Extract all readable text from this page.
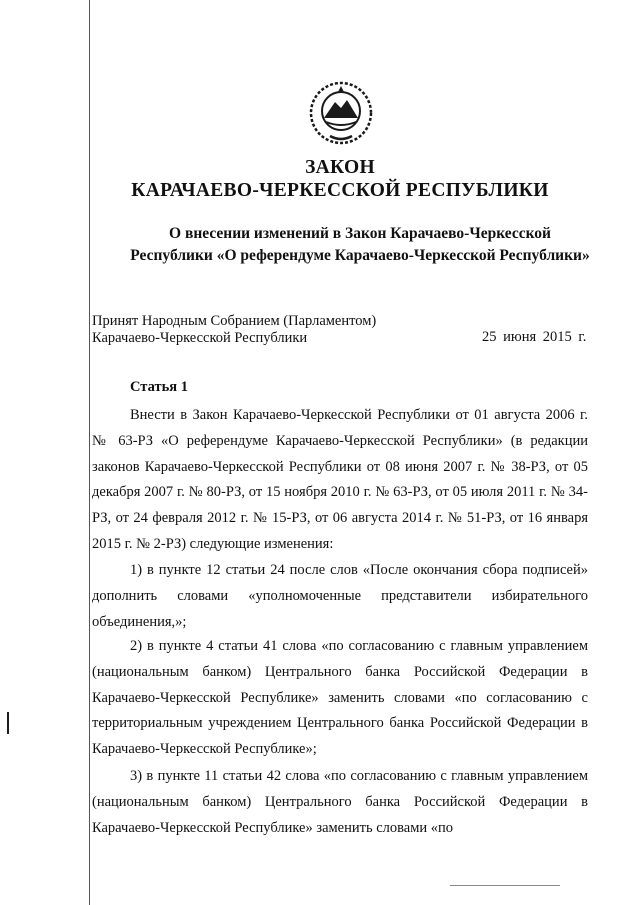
ЗАКОН
КАРАЧАЕВО-ЧЕРКЕССКОЙ РЕСПУБЛИКИ

О внесении изменений в Закон Карачаево-Черкесской Республики «О референдуме Карачаево-Черкесской Республики»

Принят Народным Собранием (Парламентом)

Карачаево-Черкесской Республики	25 июня 2015 г.

Статья 1

Внести в Закон Карачаево-Черкесской Республики от 01 августа 2006 г. № 63-РЗ «О референдуме Карачаево-Черкесской Республики» (в редакции законов Карачаево-Черкесской Республики от 08 июня 2007 г. № 38-РЗ, от 05 декабря 2007 г. № 80-РЗ, от 15 ноября 2010 г. № 63-РЗ, от 05 июля 2011 г. № 34-РЗ, от 24 февраля 2012 г. № 15-РЗ, от 06 августа 2014 г. № 51-РЗ, от 16 января 2015 г. № 2-РЗ) следующие изменения:

1) в пункте 12 статьи 24 после слов «После окончания сбора подписей» дополнить словами «уполномоченные представители избирательного объединения,»;

2) в пункте 4 статьи 41 слова «по согласованию с главным управлением (национальным банком) Центрального банка Российской Федерации в Карачаево-Черкесской Республике» заменить словами «по согласованию с территориальным учреждением Центрального банка Российской Федерации в Карачаево-Черкесской Республике»;

3) в пункте 11 статьи 42 слова «по согласованию с главным управлением (национальным банком) Центрального банка Российской Федерации в Карачаево-Черкесской Республике» заменить словами «по
